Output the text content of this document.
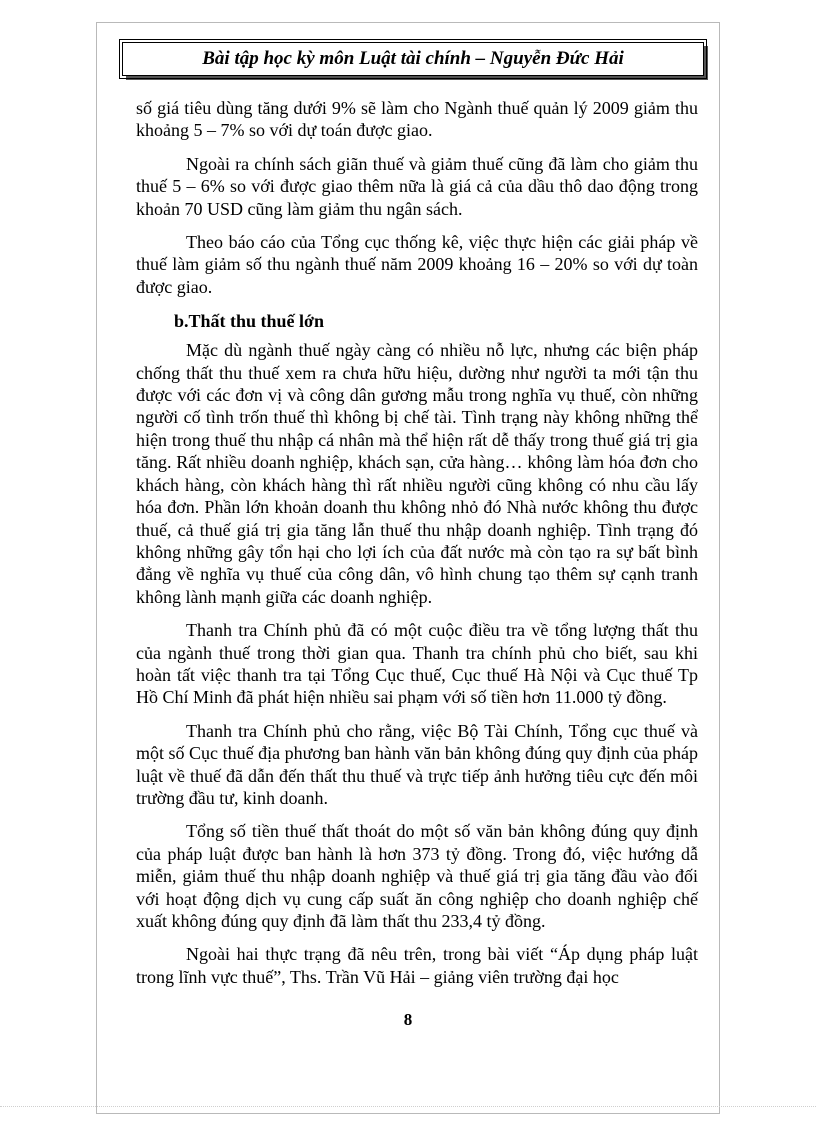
Bài tập học kỳ môn Luật tài chính – Nguyễn Đức Hải

số giá tiêu dùng tăng dưới 9% sẽ làm cho Ngành thuế quản lý 2009 giảm thu khoảng 5 – 7% so với dự toán được giao.

Ngoài ra chính sách giãn thuế và giảm thuế cũng đã làm cho giảm thu thuế 5 – 6% so với được giao thêm nữa là giá cả của dầu thô dao động trong khoản 70 USD cũng làm giảm thu ngân sách.

Theo báo cáo của Tổng cục thống kê, việc thực hiện các giải pháp về thuế làm giảm số thu ngành thuế năm 2009 khoảng 16 – 20% so với dự toàn được giao.

b.Thất thu thuế lớn

Mặc dù ngành thuế ngày càng có nhiều nỗ lực, nhưng các biện pháp chống thất thu thuế xem ra chưa hữu hiệu, dường như người ta mới tận thu được với các đơn vị và công dân gương mẫu trong nghĩa vụ thuế, còn những người cố tình trốn thuế thì không bị chế tài. Tình trạng này không những thể hiện trong thuế thu nhập cá nhân mà thể hiện rất dễ thấy trong thuế giá trị gia tăng. Rất nhiều doanh nghiệp, khách sạn, cửa hàng… không làm hóa đơn cho khách hàng, còn khách hàng thì rất nhiều người cũng không có nhu cầu lấy hóa đơn. Phần lớn khoản doanh thu không nhỏ đó Nhà nước không thu được thuế, cả thuế giá trị gia tăng lẫn thuế thu nhập doanh nghiệp. Tình trạng đó không những gây tổn hại cho lợi ích của đất nước mà còn tạo ra sự bất bình đẳng về nghĩa vụ thuế của công dân, vô hình chung tạo thêm sự cạnh tranh không lành mạnh giữa các doanh nghiệp.

Thanh tra Chính phủ đã có một cuộc điều tra về tổng lượng thất thu của ngành thuế trong thời gian qua. Thanh tra chính phủ cho biết, sau khi hoàn tất việc thanh tra tại Tổng Cục thuế, Cục thuế Hà Nội và Cục thuế Tp Hồ Chí Minh đã phát hiện nhiều sai phạm với số tiền hơn 11.000 tỷ đồng.

Thanh tra Chính phủ cho rằng, việc Bộ Tài Chính, Tổng cục thuế và một số Cục thuế địa phương ban hành văn bản không đúng quy định của pháp luật về thuế đã dẫn đến thất thu thuế và trực tiếp ảnh hưởng tiêu cực đến môi trường đầu tư, kinh doanh.

Tổng số tiền thuế thất thoát do một số văn bản không đúng quy định của pháp luật được ban hành là hơn 373 tỷ đồng. Trong đó, việc hướng dẫ miễn, giảm thuế thu nhập doanh nghiệp và thuế giá trị gia tăng đầu vào đối với hoạt động dịch vụ cung cấp suất ăn công nghiệp cho doanh nghiệp chế xuất không đúng quy định đã làm thất thu 233,4 tỷ đồng.

Ngoài hai thực trạng đã nêu trên, trong bài viết “Áp dụng pháp luật trong lĩnh vực thuế”, Ths. Trần Vũ Hải – giảng viên trường đại học

8
